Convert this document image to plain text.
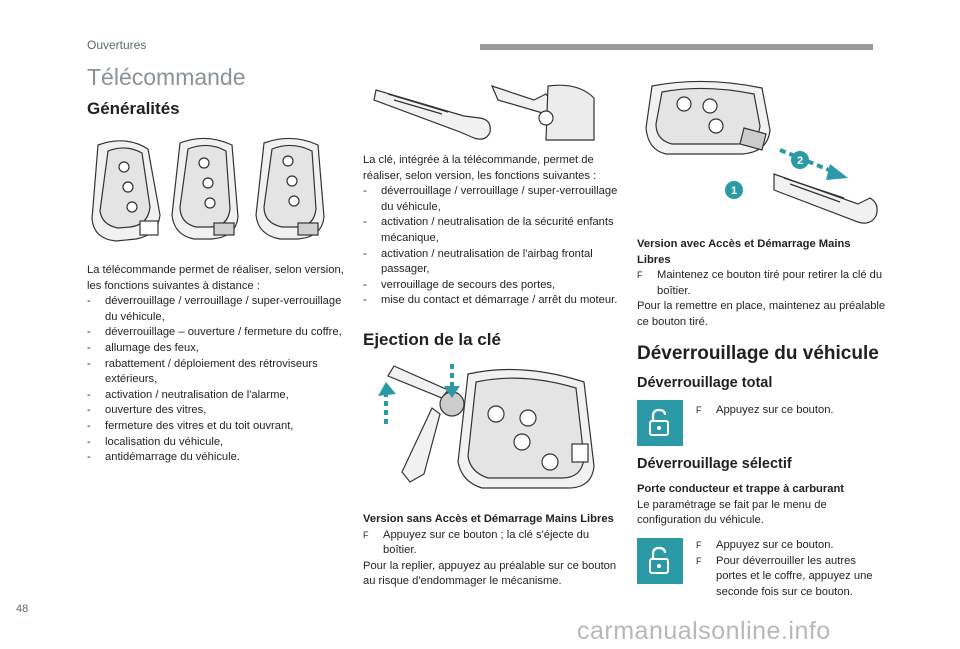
Ouvertures
Télécommande
Généralités

La télécommande permet de réaliser, selon version, les fonctions suivantes à distance :

- déverrouillage / verrouillage / super-verrouillage du véhicule,
- déverrouillage – ouverture / fermeture du coffre,
- allumage des feux,
- rabattement / déploiement des rétroviseurs extérieurs,
- activation / neutralisation de l'alarme,
- ouverture des vitres,
- fermeture des vitres et du toit ouvrant,
- localisation du véhicule,
- antidémarrage du véhicule.

La clé, intégrée à la télécommande, permet de réaliser, selon version, les fonctions suivantes :

- déverrouillage / verrouillage / super-verrouillage du véhicule,
- activation / neutralisation de la sécurité enfants mécanique,
- activation / neutralisation de l'airbag frontal passager,
- verrouillage de secours des portes,
- mise du contact et démarrage / arrêt du moteur.
Ejection de la clé

Version sans Accès et Démarrage Mains Libres

F Appuyez sur ce bouton ; la clé s'éjecte du boîtier.

Pour la replier, appuyez au préalable sur ce bouton au risque d'endommager le mécanisme.

1
2

Version avec Accès et Démarrage Mains Libres

F Maintenez ce bouton tiré pour retirer la clé du boîtier.

Pour la remettre en place, maintenez au préalable ce bouton tiré.

Déverrouillage du véhicule
Déverrouillage total

F Appuyez sur ce bouton.

Déverrouillage sélectif

Porte conducteur et trappe à carburant

Le paramétrage se fait par le menu de configuration du véhicule.

F Appuyez sur ce bouton.

F Pour déverrouiller les autres portes et le coffre, appuyez une seconde fois sur ce bouton.

48
carmanualsonline.info
